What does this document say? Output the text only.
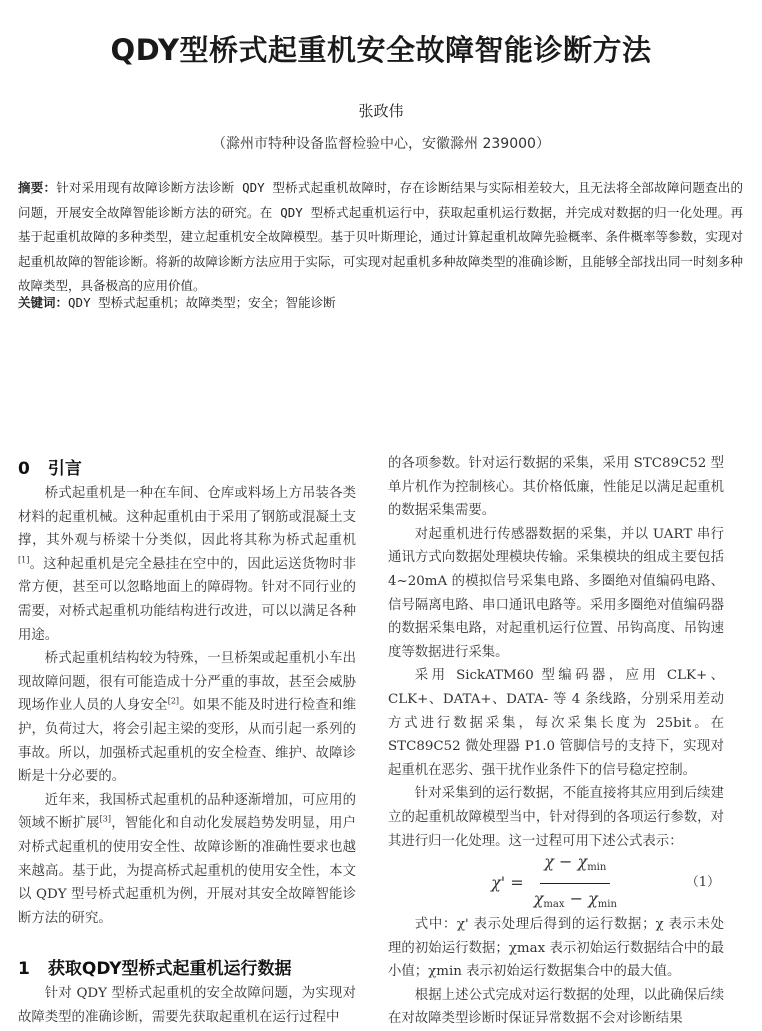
QDY型桥式起重机安全故障智能诊断方法
张政伟
（滁州市特种设备监督检验中心，安徽滁州 239000）
摘要：针对采用现有故障诊断方法诊断 QDY 型桥式起重机故障时，存在诊断结果与实际相差较大，且无法将全部故障问题查出的问题，开展安全故障智能诊断方法的研究。在 QDY 型桥式起重机运行中，获取起重机运行数据，并完成对数据的归一化处理。再基于起重机故障的多种类型，建立起重机安全故障模型。基于贝叶斯理论，通过计算起重机故障先验概率、条件概率等参数，实现对起重机故障的智能诊断。将新的故障诊断方法应用于实际，可实现对起重机多种故障类型的准确诊断，且能够全部找出同一时刻多种故障类型，具备极高的应用价值。
关键词：QDY 型桥式起重机；故障类型；安全；智能诊断
0 引言

桥式起重机是一种在车间、仓库或料场上方吊装各类材料的起重机械。这种起重机由于采用了钢筋或混凝土支撑，其外观与桥梁十分类似，因此将其称为桥式起重机[1]。这种起重机是完全悬挂在空中的，因此运送货物时非常方便，甚至可以忽略地面上的障碍物。针对不同行业的需要，对桥式起重机功能结构进行改进，可以以满足各种用途。

桥式起重机结构较为特殊，一旦桥架或起重机小车出现故障问题，很有可能造成十分严重的事故，甚至会威胁现场作业人员的人身安全[2]。如果不能及时进行检查和维护，负荷过大，将会引起主梁的变形，从而引起一系列的事故。所以，加强桥式起重机的安全检查、维护、故障诊断是十分必要的。

近年来，我国桥式起重机的品种逐渐增加，可应用的领域不断扩展[3]，智能化和自动化发展趋势发明显，用户对桥式起重机的使用安全性、故障诊断的准确性要求也越来越高。基于此，为提高桥式起重机的使用安全性，本文以 QDY 型号桥式起重机为例，开展对其安全故障智能诊断方法的研究。

1 获取QDY型桥式起重机运行数据

针对 QDY 型桥式起重机的安全故障问题，为实现对故障类型的准确诊断，需要先获取起重机在运行过程中

的各项参数。针对运行数据的采集，采用 STC89C52 型单片机作为控制核心。其价格低廉，性能足以满足起重机的数据采集需要。

对起重机进行传感器数据的采集，并以 UART 串行通讯方式向数据处理模块传输。采集模块的组成主要包括 4~20mA 的模拟信号采集电路、多圈绝对值编码电路、信号隔离电路、串口通讯电路等。采用多圈绝对值编码器的数据采集电路，对起重机运行位置、吊钩高度、吊钩速度等数据进行采集。

采用 SickATM60 型编码器，应用 CLK+、CLK+、DATA+、DATA- 等 4 条线路，分别采用差动方式进行数据采集，每次采集长度为 25bit。在 STC89C52 微处理器 P1.0 管脚信号的支持下，实现对起重机在恶劣、强干扰作业条件下的信号稳定控制。

针对采集到的运行数据，不能直接将其应用到后续建立的起重机故障模型当中，针对得到的各项运行参数，对其进行归一化处理。这一过程可用下述公式表示：

$\chi' = \frac{\chi - \chi_{min}}{\chi_{max} - \chi_{min}}$	（1）

式中：χ' 表示处理后得到的运行数据；χ 表示未处理的初始运行数据；χmax 表示初始运行数据结合中的最小值；χmin 表示初始运行数据集合中的最大值。

根据上述公式完成对运行数据的处理，以此确保后续在对故障类型诊断时保证异常数据不会对诊断结果
